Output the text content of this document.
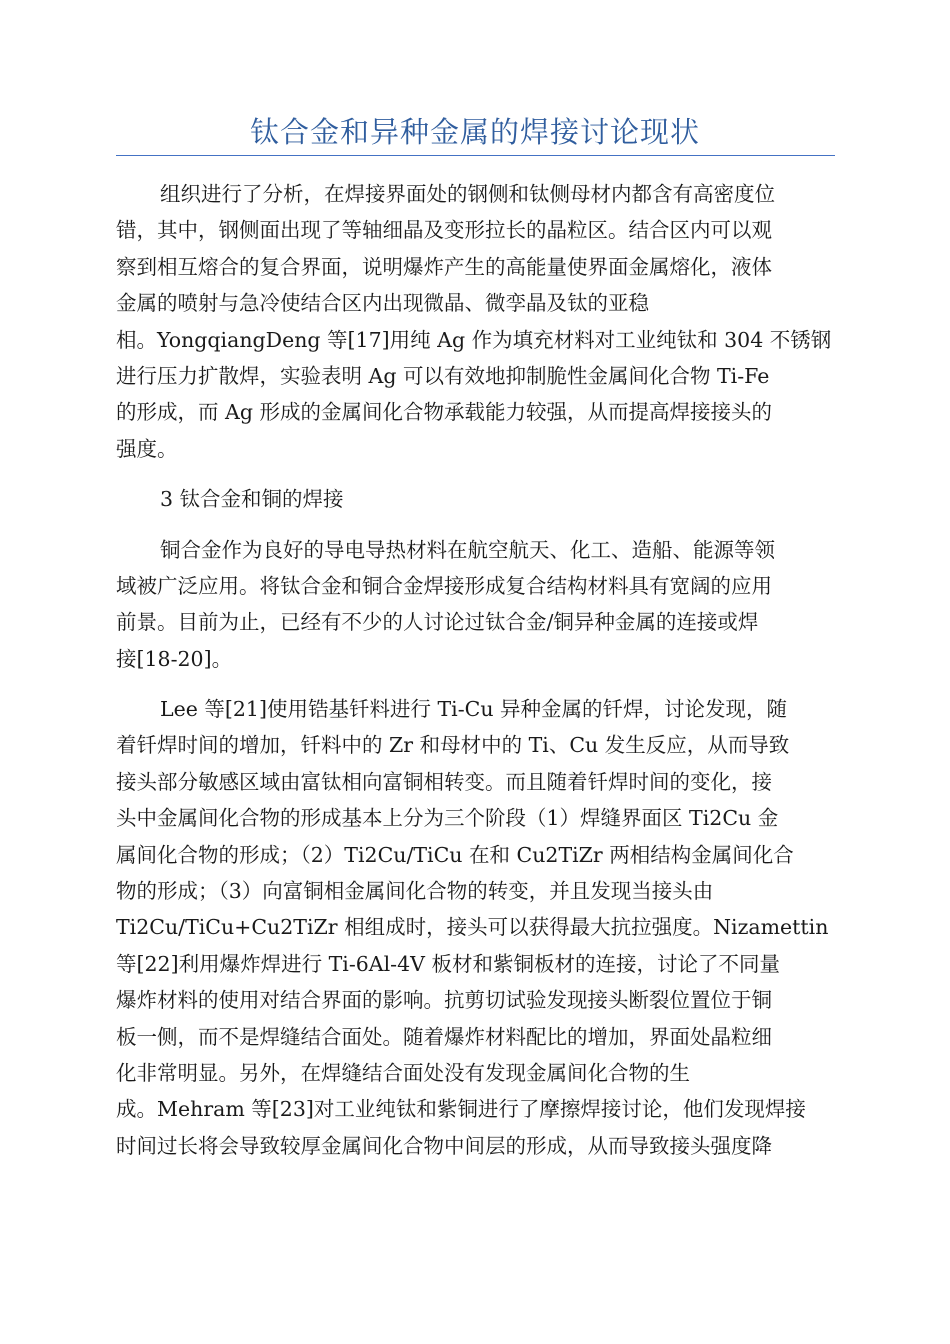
钛合金和异种金属的焊接讨论现状
组织进行了分析，在焊接界面处的钢侧和钛侧母材内都含有高密度位
错，其中，钢侧面出现了等轴细晶及变形拉长的晶粒区。结合区内可以观
察到相互熔合的复合界面，说明爆炸产生的高能量使界面金属熔化，液体
金属的喷射与急冷使结合区内出现微晶、微孪晶及钛的亚稳
相。YongqiangDeng 等[17]用纯 Ag 作为填充材料对工业纯钛和 304 不锈钢
进行压力扩散焊，实验表明 Ag 可以有效地抑制脆性金属间化合物 Ti-Fe
的形成，而 Ag 形成的金属间化合物承载能力较强，从而提高焊接接头的
强度。
3 钛合金和铜的焊接
铜合金作为良好的导电导热材料在航空航天、化工、造船、能源等领
域被广泛应用。将钛合金和铜合金焊接形成复合结构材料具有宽阔的应用
前景。目前为止，已经有不少的人讨论过钛合金/铜异种金属的连接或焊
接[18-20]。
Lee 等[21]使用锆基钎料进行 Ti-Cu 异种金属的钎焊，讨论发现，随
着钎焊时间的增加，钎料中的 Zr 和母材中的 Ti、Cu 发生反应，从而导致
接头部分敏感区域由富钛相向富铜相转变。而且随着钎焊时间的变化，接
头中金属间化合物的形成基本上分为三个阶段（1）焊缝界面区 Ti2Cu 金
属间化合物的形成；（2）Ti2Cu/TiCu 在和 Cu2TiZr 两相结构金属间化合
物的形成；（3）向富铜相金属间化合物的转变，并且发现当接头由
Ti2Cu/TiCu+Cu2TiZr 相组成时，接头可以获得最大抗拉强度。Nizamettin
等[22]利用爆炸焊进行 Ti-6Al-4V 板材和紫铜板材的连接，讨论了不同量
爆炸材料的使用对结合界面的影响。抗剪切试验发现接头断裂位置位于铜
板一侧，而不是焊缝结合面处。随着爆炸材料配比的增加，界面处晶粒细
化非常明显。另外，在焊缝结合面处没有发现金属间化合物的生
成。Mehram 等[23]对工业纯钛和紫铜进行了摩擦焊接讨论，他们发现焊接
时间过长将会导致较厚金属间化合物中间层的形成，从而导致接头强度降
